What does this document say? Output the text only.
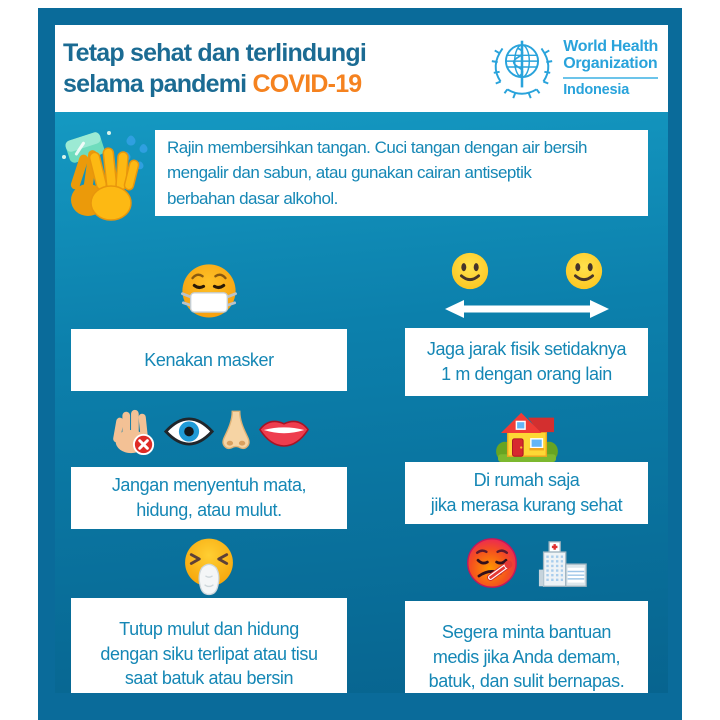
Tetap sehat dan terlindungi
selama pandemi COVID-19
World Health
Organization
Indonesia
Rajin membersihkan tangan. Cuci tangan dengan air bersih
mengalir dan sabun, atau gunakan cairan antiseptik
berbahan dasar alkohol.
Kenakan masker
Jaga jarak fisik setidaknya
1 m dengan orang lain
Jangan menyentuh mata,
hidung, atau mulut.
Di rumah saja
jika merasa kurang sehat
Tutup mulut dan hidung
dengan siku terlipat atau tisu
saat batuk atau bersin
Segera minta bantuan
medis jika Anda demam,
batuk, dan sulit bernapas.
